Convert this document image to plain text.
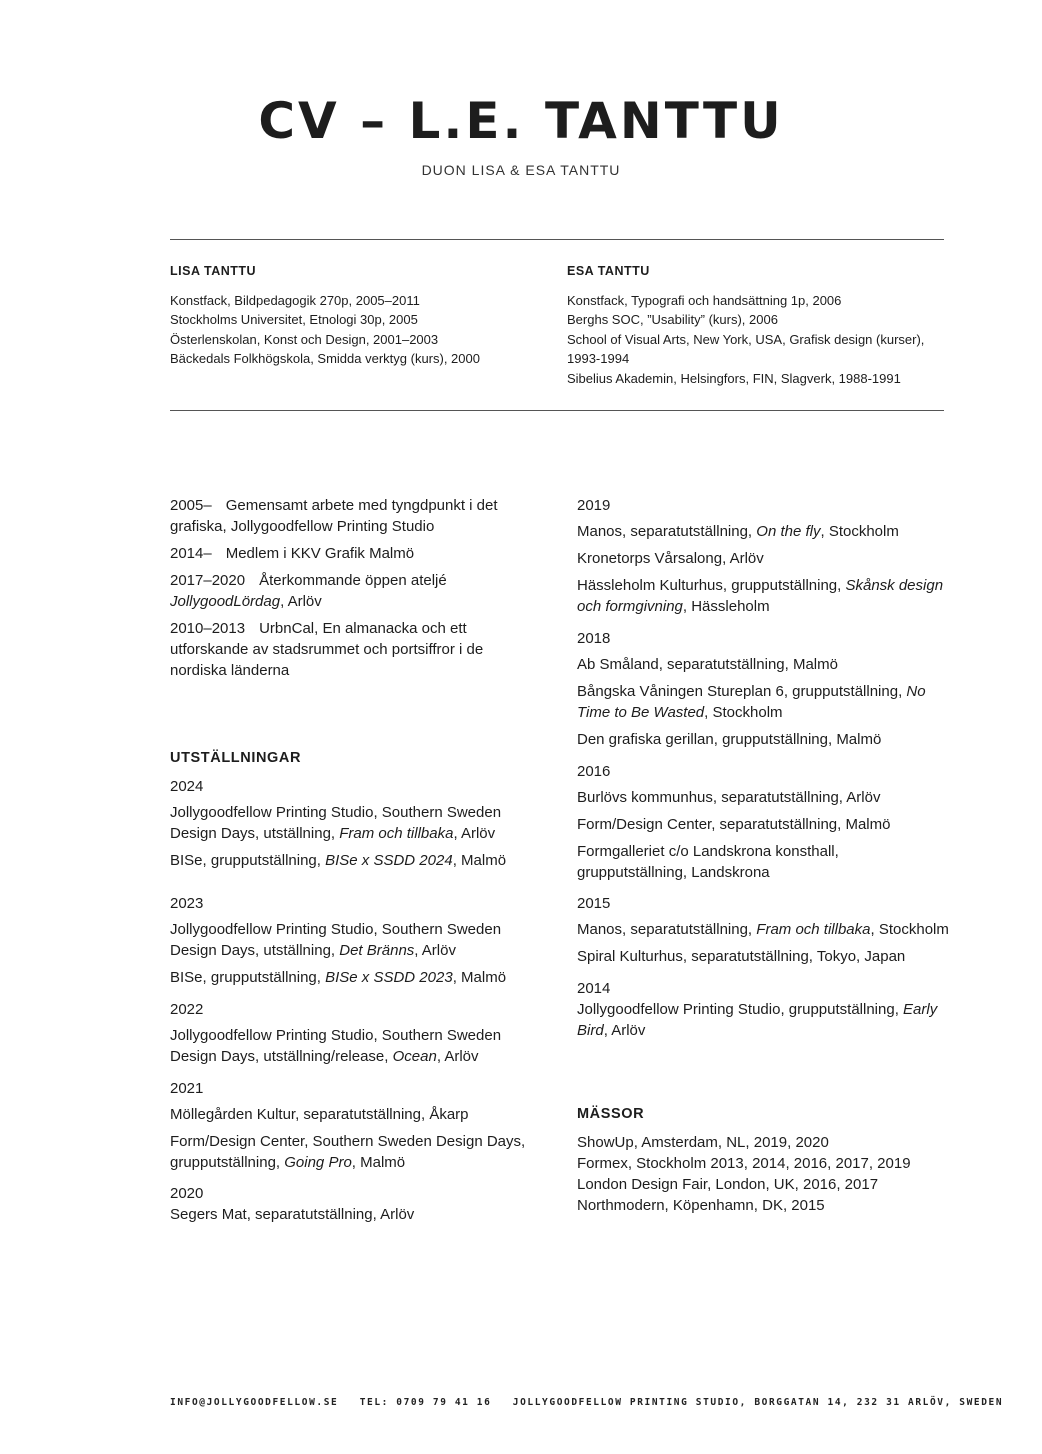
CV – L.E. TANTTU
DUON LISA & ESA TANTTU
LISA TANTTU

Konstfack, Bildpedagogik 270p, 2005–2011

Stockholms Universitet, Etnologi 30p, 2005

Österlenskolan, Konst och Design, 2001–2003

Bäckedals Folkhögskola, Smidda verktyg (kurs), 2000

ESA TANTTU

Konstfack, Typografi och handsättning 1p, 2006

Berghs SOC, ”Usability” (kurs), 2006

School of Visual Arts, New York, USA, Grafisk design (kurser), 1993-1994

Sibelius Akademin, Helsingfors, FIN, Slagverk, 1988-1991

2005– Gemensamt arbete med tyngdpunkt i det grafiska, Jollygoodfellow Printing Studio

2014– Medlem i KKV Grafik Malmö

2017–2020 Återkommande öppen ateljé JollygoodLördag, Arlöv

2010–2013 UrbnCal, En almanacka och ett utforskande av stadsrummet och portsiffror i de nordiska länderna

UTSTÄLLNINGAR

2024

Jollygoodfellow Printing Studio, Southern Sweden Design Days, utställning, Fram och tillbaka, Arlöv

BISe, grupputställning, BISe x SSDD 2024, Malmö

2023

Jollygoodfellow Printing Studio, Southern Sweden Design Days, utställning, Det Bränns, Arlöv

BISe, grupputställning, BISe x SSDD 2023, Malmö

2022

Jollygoodfellow Printing Studio, Southern Sweden Design Days, utställning/release, Ocean, Arlöv

2021

Möllegården Kultur, separatutställning, Åkarp

Form/Design Center, Southern Sweden Design Days, grupputställning, Going Pro, Malmö

2020

Segers Mat, separatutställning, Arlöv

2019

Manos, separatutställning, On the fly, Stockholm

Kronetorps Vårsalong, Arlöv

Hässleholm Kulturhus, grupputställning, Skånsk design och formgivning, Hässleholm

2018

Ab Småland, separatutställning, Malmö

Bångska Våningen Stureplan 6, grupputställning, No Time to Be Wasted, Stockholm

Den grafiska gerillan, grupputställning, Malmö

2016

Burlövs kommunhus, separatutställning, Arlöv

Form/Design Center, separatutställning, Malmö

Formgalleriet c/o Landskrona konsthall, grupputställning, Landskrona

2015

Manos, separatutställning, Fram och tillbaka, Stockholm

Spiral Kulturhus, separatutställning, Tokyo, Japan

2014

Jollygoodfellow Printing Studio, grupputställning, Early Bird, Arlöv

MÄSSOR

ShowUp, Amsterdam, NL, 2019, 2020

Formex, Stockholm 2013, 2014, 2016, 2017, 2019

London Design Fair, London, UK, 2016, 2017

Northmodern, Köpenhamn, DK, 2015

INFO@JOLLYGOODFELLOW.SE TEL: 0709 79 41 16 JOLLYGOODFELLOW PRINTING STUDIO, BORGGATAN 14, 232 31 ARLÖV, SWEDEN
